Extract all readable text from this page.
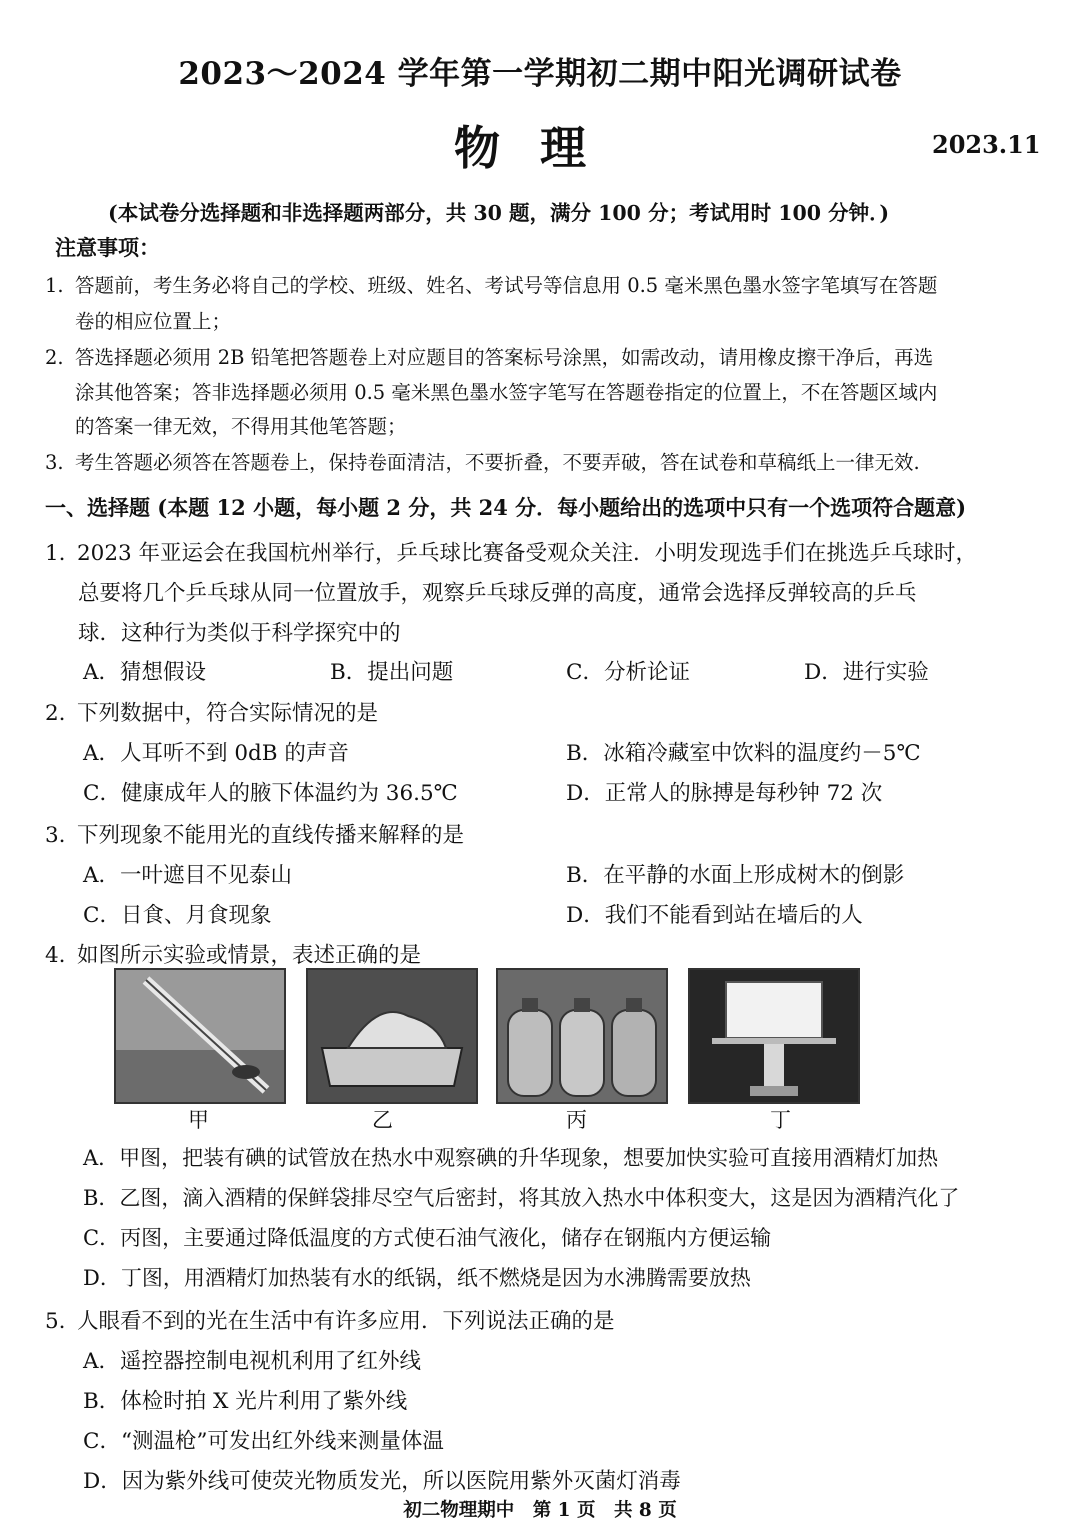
2023～2024 学年第一学期初二期中阳光调研试卷
物理	2023.11
(本试卷分选择题和非选择题两部分，共 30 题，满分 100 分；考试用时 100 分钟．)
注意事项：
1. 答题前，考生务必将自己的学校、班级、姓名、考试号等信息用 0.5 毫米黑色墨水签字笔填写在答题
卷的相应位置上；
2. 答选择题必须用 2B 铅笔把答题卷上对应题目的答案标号涂黑，如需改动，请用橡皮擦干净后，再选
涂其他答案；答非选择题必须用 0.5 毫米黑色墨水签字笔写在答题卷指定的位置上，不在答题区域内
的答案一律无效，不得用其他笔答题；
3. 考生答题必须答在答题卷上，保持卷面清洁，不要折叠，不要弄破，答在试卷和草稿纸上一律无效.
一、选择题 (本题 12 小题，每小题 2 分，共 24 分．每小题给出的选项中只有一个选项符合题意)
1. 2023 年亚运会在我国杭州举行，乒乓球比赛备受观众关注．小明发现选手们在挑选乒乓球时，
总要将几个乒乓球从同一位置放手，观察乒乓球反弹的高度，通常会选择反弹较高的乒乓
球．这种行为类似于科学探究中的
A．猜想假设	B．提出问题	C．分析论证	D．进行实验
2. 下列数据中，符合实际情况的是
A．人耳听不到 0dB 的声音	B．冰箱冷藏室中饮料的温度约－5℃
C．健康成年人的腋下体温约为 36.5℃	D．正常人的脉搏是每秒钟 72 次
3. 下列现象不能用光的直线传播来解释的是
A．一叶遮目不见泰山	B．在平静的水面上形成树木的倒影
C．日食、月食现象	D．我们不能看到站在墙后的人
4. 如图所示实验或情景，表述正确的是
甲	乙	丙	丁
A．甲图，把装有碘的试管放在热水中观察碘的升华现象，想要加快实验可直接用酒精灯加热
B．乙图，滴入酒精的保鲜袋排尽空气后密封，将其放入热水中体积变大，这是因为酒精汽化了
C．丙图，主要通过降低温度的方式使石油气液化，储存在钢瓶内方便运输
D．丁图，用酒精灯加热装有水的纸锅，纸不燃烧是因为水沸腾需要放热
5. 人眼看不到的光在生活中有许多应用．下列说法正确的是
A．遥控器控制电视机利用了红外线
B．体检时拍 X 光片利用了紫外线
C．“测温枪”可发出红外线来测量体温
D．因为紫外线可使荧光物质发光，所以医院用紫外灭菌灯消毒
初二物理期中　第 1 页　共 8 页
